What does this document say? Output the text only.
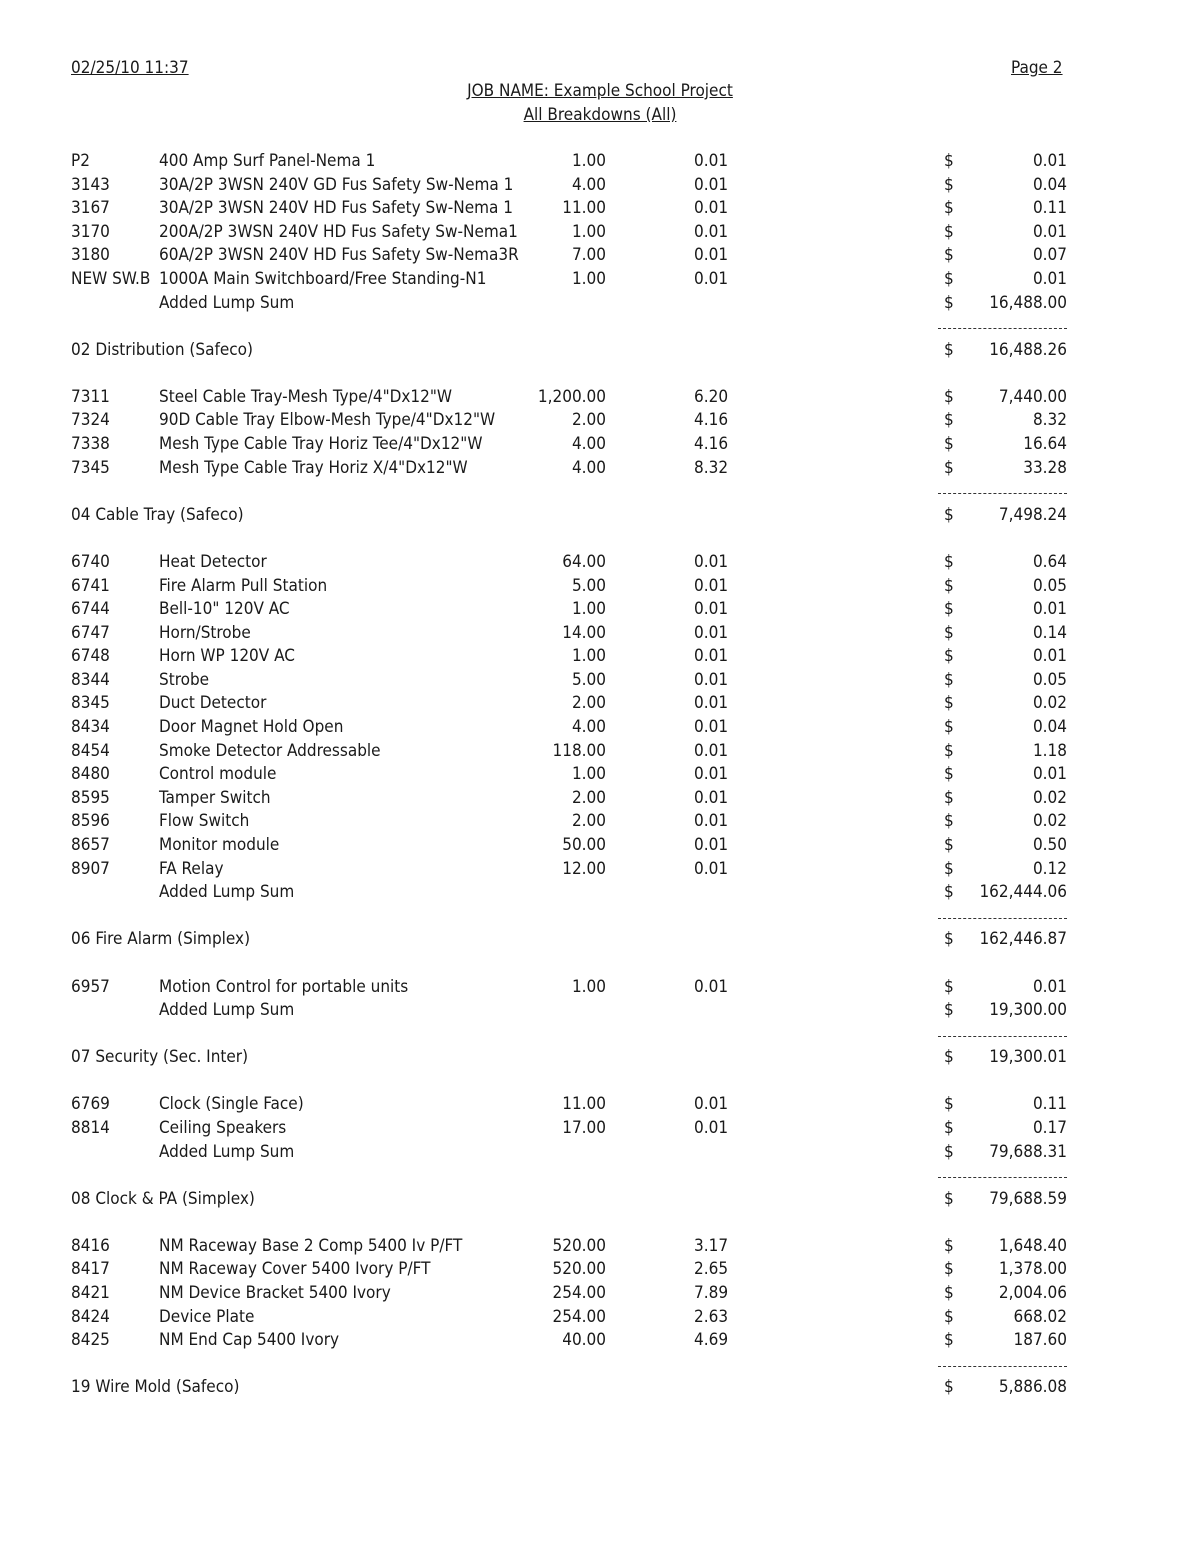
02/25/10 11:37	Page 2
JOB NAME: Example School Project
All Breakdowns (All)
P2	400 Amp Surf Panel-Nema 1	1.00	0.01	$	0.01
3143	30A/2P 3WSN 240V GD Fus Safety Sw-Nema 1	4.00	0.01	$	0.04
3167	30A/2P 3WSN 240V HD Fus Safety Sw-Nema 1	11.00	0.01	$	0.11
3170	200A/2P 3WSN 240V HD Fus Safety Sw-Nema1	1.00	0.01	$	0.01
3180	60A/2P 3WSN 240V HD Fus Safety Sw-Nema3R	7.00	0.01	$	0.07
NEW SW.B 1000A Main Switchboard/Free Standing-N1	1.00	0.01	$	0.01
Added Lump Sum	$ 16,488.00
02 Distribution (Safeco)	$ 16,488.26
7311	Steel Cable Tray-Mesh Type/4"Dx12"W	1,200.00	6.20	$	7,440.00
7324	90D Cable Tray Elbow-Mesh Type/4"Dx12"W	2.00	4.16	$	8.32
7338	Mesh Type Cable Tray Horiz Tee/4"Dx12"W	4.00	4.16	$	16.64
7345	Mesh Type Cable Tray Horiz X/4"Dx12"W	4.00	8.32	$	33.28
04 Cable Tray (Safeco)	$	7,498.24
6740	Heat Detector	64.00	0.01	$	0.64
6741	Fire Alarm Pull Station	5.00	0.01	$	0.05
6744	Bell-10" 120V AC	1.00	0.01	$	0.01
6747	Horn/Strobe	14.00	0.01	$	0.14
6748	Horn WP 120V AC	1.00	0.01	$	0.01
8344	Strobe	5.00	0.01	$	0.05
8345	Duct Detector	2.00	0.01	$	0.02
8434	Door Magnet Hold Open	4.00	0.01	$	0.04
8454	Smoke Detector Addressable	118.00	0.01	$	1.18
8480	Control module	1.00	0.01	$	0.01
8595	Tamper Switch	2.00	0.01	$	0.02
8596	Flow Switch	2.00	0.01	$	0.02
8657	Monitor module	50.00	0.01	$	0.50
8907	FA Relay	12.00	0.01	$	0.12
Added Lump Sum	$ 162,444.06
06 Fire Alarm (Simplex)	$ 162,446.87
6957	Motion Control for portable units	1.00	0.01	$	0.01
Added Lump Sum	$ 19,300.00
07 Security (Sec. Inter)	$ 19,300.01
6769	Clock (Single Face)	11.00	0.01	$	0.11
8814	Ceiling Speakers	17.00	0.01	$	0.17
Added Lump Sum	$ 79,688.31
08 Clock & PA (Simplex)	$ 79,688.59
8416	NM Raceway Base 2 Comp 5400 Iv P/FT	520.00	3.17	$	1,648.40
8417	NM Raceway Cover 5400 Ivory P/FT	520.00	2.65	$	1,378.00
8421	NM Device Bracket 5400 Ivory	254.00	7.89	$	2,004.06
8424	Device Plate	254.00	2.63	$	668.02
8425	NM End Cap 5400 Ivory	40.00	4.69	$	187.60
19 Wire Mold (Safeco)	$	5,886.08
